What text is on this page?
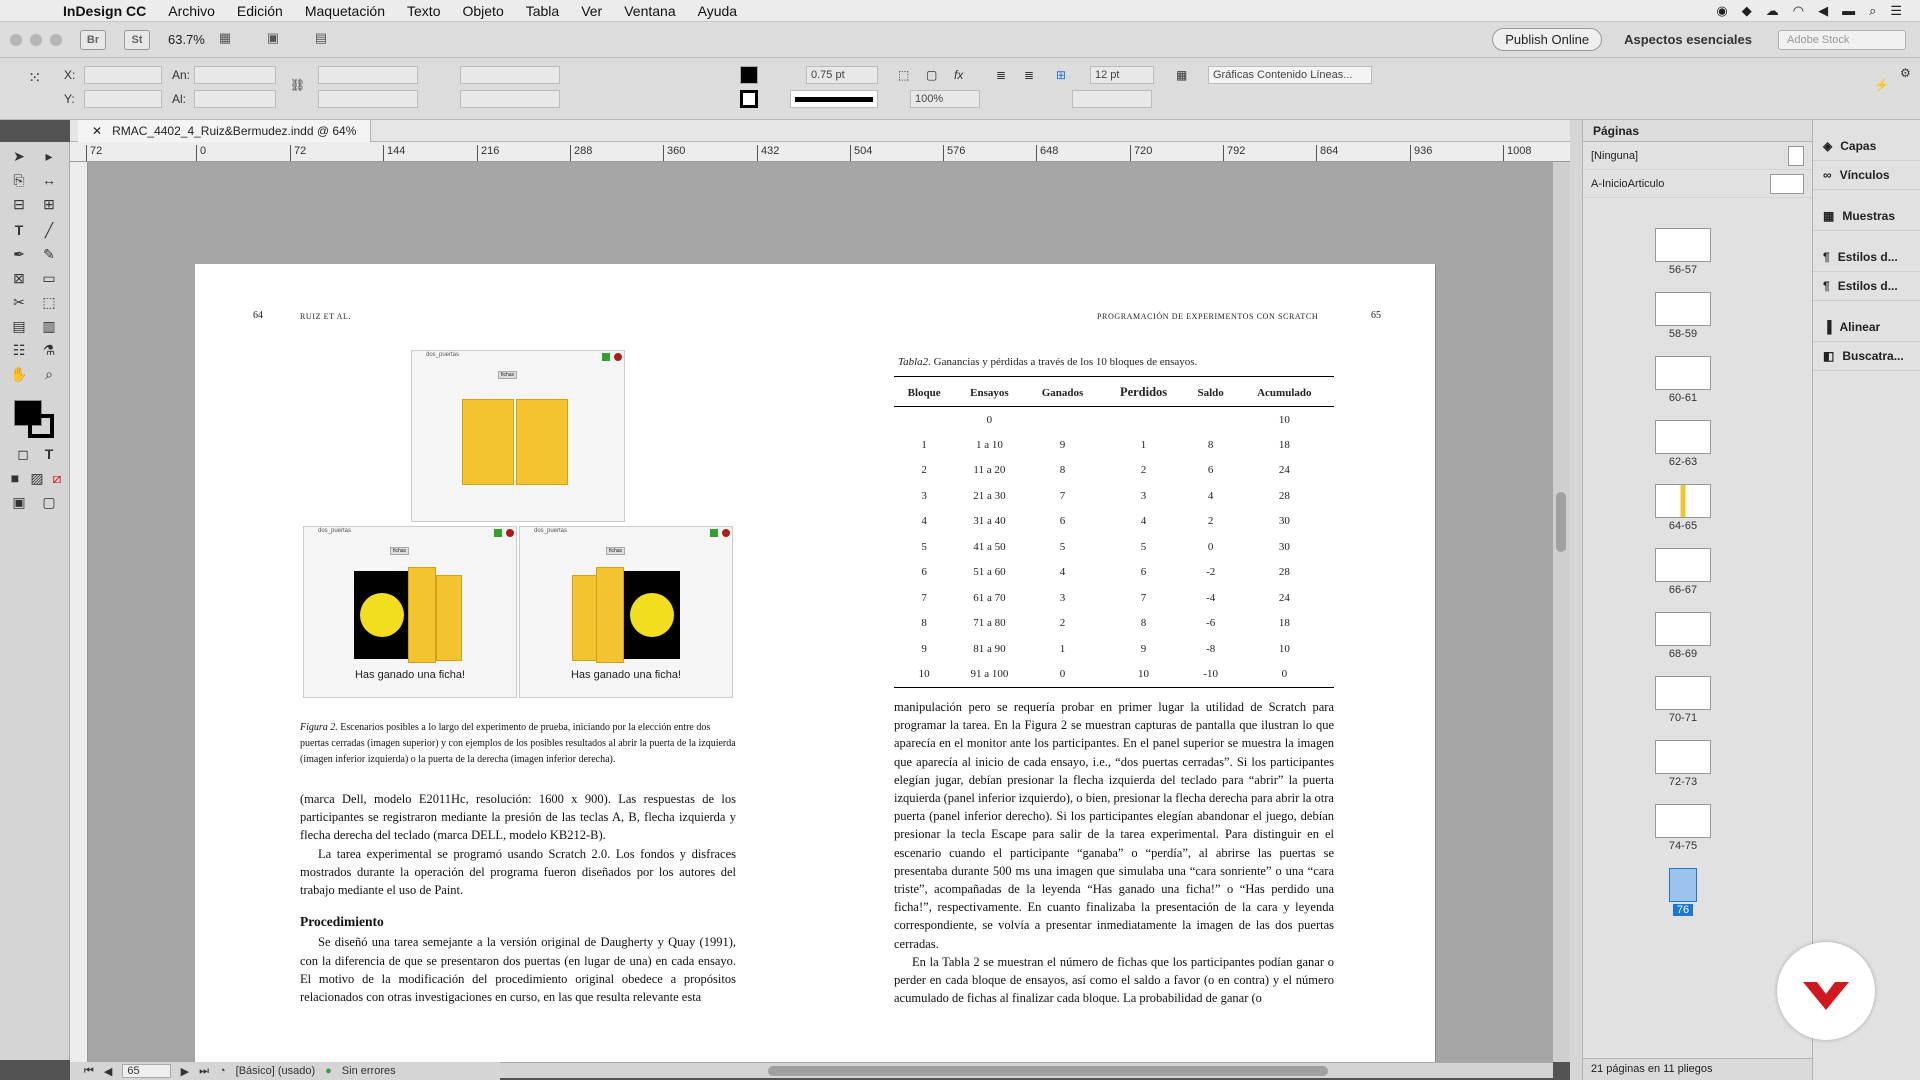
InDesign CC	Archivo	Edición	Maquetación	Texto	Objeto	Tabla	Ver	Ventana	Ayuda	◉ ◆ ☁ ◠ ◀ ▬ ⌕ ☰
Br	St	63.7% ▦	▣	▤	Publish Online	Aspectos esenciales	Adobe Stock
⁙ X:
Y:
An:
Al:
⛓
0.75 pt	⬚ ▢ fx
100%
≣ ≣ ⊞	12 pt	▦	Gráficas Contenido Líneas...
⚡
⚙
➤	▸
⎘	↔
⊟	⊞
T	╱
✒	✎
⊠	▭
✂	⬚
▤	▥
☷	⚗
✋	⌕
◻	T
■ ▨ ⧄
▣	▢
✕ RMAC_4402_4_Ruiz&Bermudez.indd @ 64%
72	0	72	144	216	288	360	432	504	576	648	720	792	864	936	1008
64	RUIZ ET AL.
dos_puertas
fichas
dos_puertas
fichas
Has ganado una ficha!
dos_puertas
fichas
Has ganado una ficha!
Figura 2. Escenarios posibles a lo largo del experimento de prueba, iniciando por la elección entre dos puertas cerradas (imagen superior) y con ejemplos de los posibles resultados al abrir la puerta de la izquierda (imagen inferior izquierda) o la puerta de la derecha (imagen inferior derecha).

(marca Dell, modelo E2011Hc, resolución: 1600 x 900). Las respuestas de los participantes se registraron mediante la presión de las teclas A, B, flecha izquierda y flecha derecha del teclado (marca DELL, modelo KB212-B).

La tarea experimental se programó usando Scratch 2.0. Los fondos y disfraces mostrados durante la operación del programa fueron diseñados por los autores del trabajo mediante el uso de Paint.

Procedimiento

Se diseñó una tarea semejante a la versión original de Daugherty y Quay (1991), con la diferencia de que se presentaron dos puertas (en lugar de una) en cada ensayo. El motivo de la modificación del procedimiento original obedece a propósitos relacionados con otras investigaciones en curso, en las que resulta relevante esta

PROGRAMACIÓN DE EXPERIMENTOS CON SCRATCH	65
Tabla2. Ganancias y pérdidas a través de los 10 bloques de ensayos.
Bloque	Ensayos	Ganados	Perdidos	Saldo	Acumulado
	0				10
1	1 a 10	9	1	8	18
2	11 a 20	8	2	6	24
3	21 a 30	7	3	4	28
4	31 a 40	6	4	2	30
5	41 a 50	5	5	0	30
6	51 a 60	4	6	-2	28
7	61 a 70	3	7	-4	24
8	71 a 80	2	8	-6	18
9	81 a 90	1	9	-8	10
10	91 a 100	0	10	-10	0

manipulación pero se requería probar en primer lugar la utilidad de Scratch para programar la tarea. En la Figura 2 se muestran capturas de pantalla que ilustran lo que aparecía en el monitor ante los participantes. En el panel superior se muestra la imagen que aparecía al inicio de cada ensayo, i.e., “dos puertas cerradas”. Si los participantes elegían jugar, debían presionar la flecha izquierda del teclado para “abrir” la puerta izquierda (panel inferior izquierdo), o bien, presionar la flecha derecha para abrir la otra puerta (panel inferior derecho). Si los participantes elegían abandonar el juego, debían presionar la tecla Escape para salir de la tarea experimental. Para distinguir en el escenario cuando el participante “ganaba” o “perdía”, al abrirse las puertas se presentaba durante 500 ms una imagen que simulaba una “cara sonriente” o una “cara triste”, acompañadas de la leyenda “Has ganado una ficha!” o “Has perdido una ficha!”, respectivamente. En cuanto finalizaba la presentación de la cara y leyenda correspondiente, se volvía a presentar inmediatamente la imagen de las dos puertas cerradas.

En la Tabla 2 se muestran el número de fichas que los participantes podían ganar o perder en cada bloque de ensayos, así como el saldo a favor (o en contra) y el número acumulado de fichas al finalizar cada bloque. La probabilidad de ganar (o

⏮ ◀	65	▶ ⏭ ◔ [Básico] (usado) ● Sin errores
Páginas
[Ninguna]
A-InicioArticulo
56-57
58-59
60-61
62-63
64-65
66-67
68-69
70-71
72-73
74-75
76
21 páginas en 11 pliegos
◈ Capas
∞ Vínculos
▦ Muestras
¶ Estilos d...
¶ Estilos d...
▐ Alinear
◧ Buscatra...
